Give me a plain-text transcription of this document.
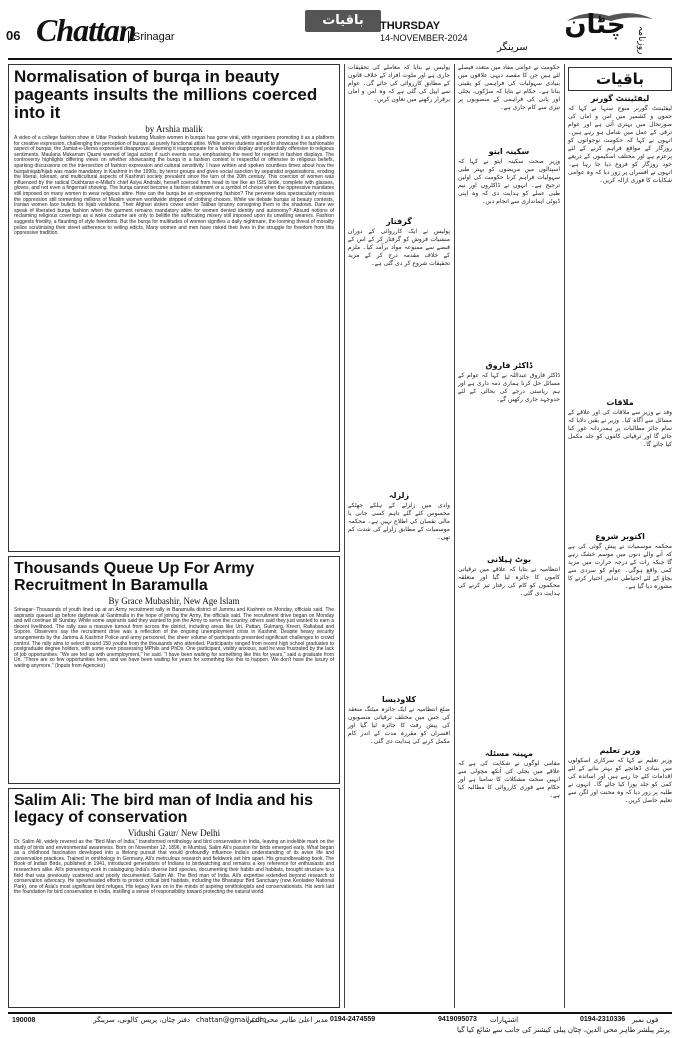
06 Chattan
Srinagar
باقیات	THURSDAY
14-NOVEMBER-2024
سرینگر
چٹان
روزنامہ
Normalisation of burqa in beauty pageants insults the millions coerced into it
by Arshia malik
A video of a college fashion show in Uttar Pradesh featuring Muslim women in burqas has gone viral, with organisers promoting it as a platform for creative expression, challenging the perception of burqas as purely functional attire. While some students aimed to showcase the fashionable aspect of burqas, the Jamiat-e-Ulema expressed disapproval, deeming it inappropriate for a fashion display and potentially offensive to religious sentiments. Maulana Mukarram Qasmi warned of legal action if such events recur, emphasising the need for respect in fashion displays. The controversy highlights differing views on whether showcasing the burqa in a fashion context is respectful or offensive to religious beliefs, sparking discussions on the intersection of fashion expression and cultural sensitivity. I have written and spoken countless times about how the burqa/niqab/hijab was made mandatory in Kashmir in the 1990s, by terror groups and given social sanction by separatist organisations, eroding the liberal, tolerant, and multicultural aspects of Kashmiri society prevalent since the turn of the 20th century. This coercion of women was influenced by the radical Dukhtaran-e-Millat's chief Asiya Andrabi, herself coerced from head to toe like an ISIS bride, complete with glasses, gloves, and not even a fingernail showing. The burqa cannot become a fashion statement or a symbol of choice when the oppressive mandates still imposed on many women to wear religious attire. How can the burqa be an empowering fashion? The perverse idea spectacularly misses the oppression still tormenting millions of Muslim women worldwide stripped of clothing choices. While we debate burqas at beauty contests, Iranian women face bullets for hijab violations. Their Afghan sisters cower under Taliban tyranny consigning them to the shadows. Dare we speak of liberated burqa fashion when the garment remains mandatory attire for women denied identity and autonomy? Absurd notions of reclaiming religious coverings as a woke costume are only to belittle the suffocating misery still imposed upon its unwilling wearers. Fashion suggests frivolity, a flaunting of style freedoms. But the burqa for multitudes of women signifies a daily nightmare, the looming threat of morality police scrutinising their street adherence to veiling edicts. Many women and men have risked their lives in the struggle for freedom from this oppressive tradition.
Thousands Queue Up For Army Recruitment In Baramulla
By Grace Mubashir, New Age Islam
Srinagar- Thousands of youth lined up at an Army recruitment rally in Baramulla district of Jammu and Kashmir on Monday, officials said. The aspirants queued up before daybreak at Gantmulla in the hope of joining the Army, the officials said. The recruitment drive began on Monday and will continue till Sunday. While some aspirants said they wanted to join the Army to serve the country, others said they just wanted to earn a decent livelihood. The rally saw a massive turnout from across the district, including areas like Uri, Pattan, Gulmarg, Kreeri, Rafiabad and Sopore. Observers say the recruitment drive was a reflection of the ongoing unemployment crisis in Kashmir. Despite heavy security arrangements by the Jammu & Kashmir Police and army personnel, the sheer volume of participants presented significant challenges to crowd control. The rally aims to select around 150 youths from the thousands who attended. Participants ranged from recent high school graduates to postgraduate degree holders, with some even possessing MPhils and PhDs. One participant, visibly anxious, said he was frustrated by the lack of job opportunities. "We are fed up with unemployment," he said. "I have been waiting for something like this for years," said a graduate from Uri. "There are so few opportunities here, and we have been waiting for years for something like this to happen. We don't have the luxury of waiting anymore." (Inputs from Agencies)
Salim Ali: The bird man of India and his legacy of conservation
Vidushi Gaur/ New Delhi
Dr. Salim Ali, widely revered as the "Bird Man of India," transformed ornithology and bird conservation in India, leaving an indelible mark on the study of birds and environmental awareness. Born on November 12, 1896, in Mumbai, Salim Ali's passion for birds emerged early. What began as a childhood fascination developed into a lifelong pursuit that would profoundly influence India's understanding of its avian life and conservation practices. Trained in ornithology in Germany, Ali's meticulous research and fieldwork set him apart. His groundbreaking book, The Book of Indian Birds, published in 1941, introduced generations of Indians to birdwatching and remains a key reference for enthusiasts and researchers alike. Ali's pioneering work in cataloguing India's diverse bird species, documenting their habits and habitats, brought structure to a field that was previously scattered and poorly documented. Salim Ali: The Bird man of India. Ali's expertise extended beyond research to conservation advocacy. He spearheaded efforts to protect critical bird habitats, including the Bharatpur Bird Sanctuary (now Keoladeo National Park), one of Asia's most significant bird refuges. His legacy lives on in the minds of aspiring ornithologists and conservationists. His work laid the foundation for bird conservation in India, instilling a sense of responsibility toward protecting the natural world.
باقیات
لیفٹیننٹ گورنر
لیفٹیننٹ گورنر منوج سنہا نے کہا کہ جموں و کشمیر میں امن و امان کی صورتحال میں بہتری آئی ہے اور عوام ترقی کے عمل میں شامل ہو رہے ہیں۔ انہوں نے کہا کہ حکومت نوجوانوں کو روزگار کے مواقع فراہم کرنے کے لئے پرعزم ہے اور مختلف اسکیموں کے ذریعے خود روزگار کو فروغ دیا جا رہا ہے۔ انہوں نے افسران پر زور دیا کہ وہ عوامی شکایات کا فوری ازالہ کریں۔
ملاقات
وفد نے وزیر سے ملاقات کی اور علاقے کے مسائل سے آگاہ کیا۔ وزیر نے یقین دلایا کہ تمام جائز مطالبات پر ہمدردانہ غور کیا جائے گا اور ترقیاتی کاموں کو جلد مکمل کیا جائے گا۔
اکتوبر شروع
محکمہ موسمیات نے پیش گوئی کی ہے کہ آنے والے دنوں میں موسم خشک رہے گا جبکہ رات کے درجہ حرارت میں مزید کمی واقع ہوگی۔ عوام کو سردی سے بچاؤ کے لئے احتیاطی تدابیر اختیار کرنے کا مشورہ دیا گیا ہے۔
وزیر تعلیم
وزیر تعلیم نے کہا کہ سرکاری اسکولوں میں بنیادی ڈھانچے کو بہتر بنانے کے لئے اقدامات کئے جا رہے ہیں اور اساتذہ کی کمی کو جلد پورا کیا جائے گا۔ انہوں نے طلبہ پر زور دیا کہ وہ محنت اور لگن سے تعلیم حاصل کریں۔
حکومت نے عوامی مفاد میں متعدد فیصلے لئے ہیں جن کا مقصد دیہی علاقوں میں بنیادی سہولیات کی فراہمی کو یقینی بنانا ہے۔ حکام نے بتایا کہ سڑکوں، بجلی اور پانی کی فراہمی کے منصوبوں پر تیزی سے کام جاری ہے۔
سکینہ ایتو
وزیر صحت سکینہ ایتو نے کہا کہ اسپتالوں میں مریضوں کو بہتر طبی سہولیات فراہم کرنا حکومت کی اولین ترجیح ہے۔ انہوں نے ڈاکٹروں اور نیم طبی عملے کو ہدایت دی کہ وہ اپنی ڈیوٹی ایمانداری سے انجام دیں۔
ڈاکٹر فاروق
ڈاکٹر فاروق عبداللہ نے کہا کہ عوام کے مسائل حل کرنا ہماری ذمہ داری ہے اور ہم ریاستی درجے کی بحالی کے لئے جدوجہد جاری رکھیں گے۔
بوٹ ہیلانی
انتظامیہ نے بتایا کہ علاقے میں ترقیاتی کاموں کا جائزہ لیا گیا اور متعلقہ محکموں کو کام کی رفتار تیز کرنے کی ہدایت دی گئی۔
مہینہ مسئلہ
مقامی لوگوں نے شکایت کی ہے کہ علاقے میں بجلی کی آنکھ مچولی سے انہیں سخت مشکلات کا سامنا ہے اور حکام سے فوری کارروائی کا مطالبہ کیا ہے۔
پولیس نے بتایا کہ معاملے کی تحقیقات جاری ہے اور ملوث افراد کے خلاف قانون کے مطابق کارروائی کی جائے گی۔ عوام سے اپیل کی گئی ہے کہ وہ امن و امان برقرار رکھنے میں تعاون کریں۔
گرفتار
پولیس نے ایک کارروائی کے دوران منشیات فروش کو گرفتار کر کے اس کے قبضے سے ممنوعہ مواد برآمد کیا۔ ملزم کے خلاف مقدمہ درج کر کے مزید تحقیقات شروع کر دی گئی ہے۔
زلزلہ
وادی میں زلزلے کے ہلکے جھٹکے محسوس کئے گئے تاہم کسی جانی یا مالی نقصان کی اطلاع نہیں ہے۔ محکمہ موسمیات کے مطابق زلزلے کی شدت کم تھی۔
کلاودیسا
ضلع انتظامیہ نے ایک جائزہ میٹنگ منعقد کی جس میں مختلف ترقیاتی منصوبوں کی پیش رفت کا جائزہ لیا گیا اور افسران کو مقررہ مدت کے اندر کام مکمل کرنے کی ہدایت دی گئی۔
190008	دفتر چٹان، پریس کالونی، سرینگر chattan@gmail.com
مدیر اعلیٰ طاہر محی الدین 0194-2474559	9419095073 اشتہارات	0194-2310336 فون نمبر
پرنٹر پبلشر طاہر محی الدین، چٹان پبلی کیشنز کی جانب سے شائع کیا گیا
